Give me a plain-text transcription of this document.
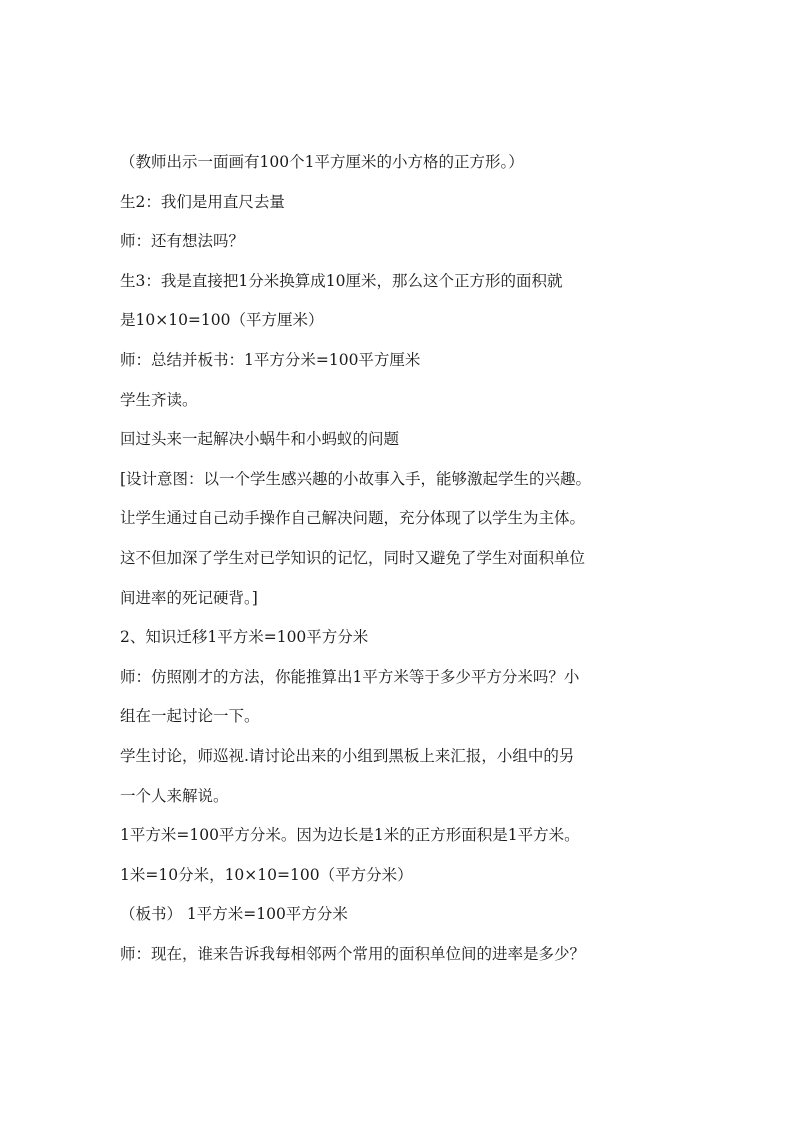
（教师出示一面画有100个1平方厘米的小方格的正方形。）
生2：我们是用直尺去量
师：还有想法吗？
生3：我是直接把1分米换算成10厘米，那么这个正方形的面积就
是10×10=100（平方厘米）
师：总结并板书：1平方分米=100平方厘米
学生齐读。
回过头来一起解决小蜗牛和小蚂蚁的问题
[设计意图：以一个学生感兴趣的小故事入手，能够激起学生的兴趣。
让学生通过自己动手操作自己解决问题，充分体现了以学生为主体。
这不但加深了学生对已学知识的记忆，同时又避免了学生对面积单位
间进率的死记硬背。]
2、知识迁移1平方米=100平方分米
师：仿照刚才的方法，你能推算出1平方米等于多少平方分米吗？小
组在一起讨论一下。
学生讨论，师巡视.请讨论出来的小组到黑板上来汇报，小组中的另
一个人来解说。
1平方米=100平方分米。因为边长是1米的正方形面积是1平方米。
1米=10分米，10×10=100（平方分米）
（板书） 1平方米=100平方分米
师：现在，谁来告诉我每相邻两个常用的面积单位间的进率是多少？
